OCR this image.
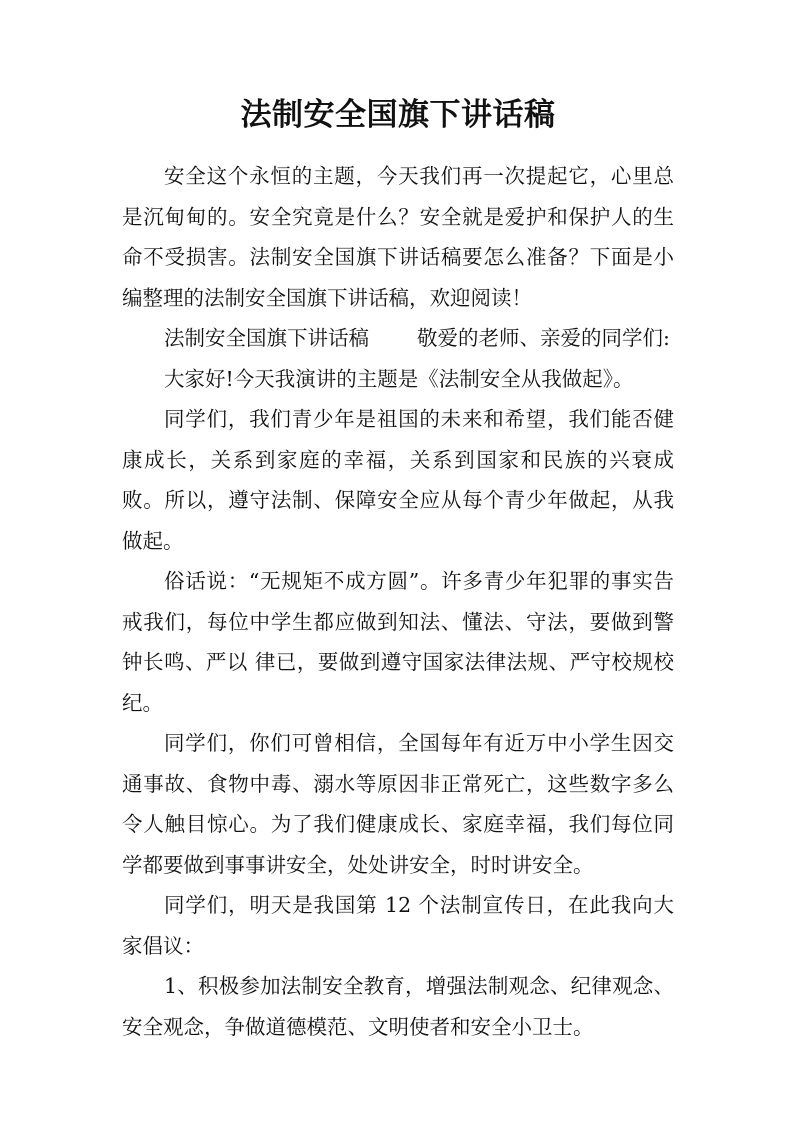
法制安全国旗下讲话稿

安全这个永恒的主题，今天我们再一次提起它，心里总是沉甸甸的。安全究竟是什么？安全就是爱护和保护人的生命不受损害。法制安全国旗下讲话稿要怎么准备？下面是小编整理的法制安全国旗下讲话稿，欢迎阅读！

法制安全国旗下讲话稿 敬爱的老师、亲爱的同学们:

大家好!今天我演讲的主题是《法制安全从我做起》。

同学们，我们青少年是祖国的未来和希望，我们能否健康成长，关系到家庭的幸福，关系到国家和民族的兴衰成败。所以，遵守法制、保障安全应从每个青少年做起，从我做起。

俗话说：“无规矩不成方圆”。许多青少年犯罪的事实告戒我们，每位中学生都应做到知法、懂法、守法，要做到警钟长鸣、严以 律已，要做到遵守国家法律法规、严守校规校纪。

同学们，你们可曾相信，全国每年有近万中小学生因交通事故、食物中毒、溺水等原因非正常死亡，这些数字多么令人触目惊心。为了我们健康成长、家庭幸福，我们每位同学都要做到事事讲安全，处处讲安全，时时讲安全。

同学们，明天是我国第 12 个法制宣传日，在此我向大家倡议：

1、积极参加法制安全教育，增强法制观念、纪律观念、安全观念，争做道德模范、文明使者和安全小卫士。
